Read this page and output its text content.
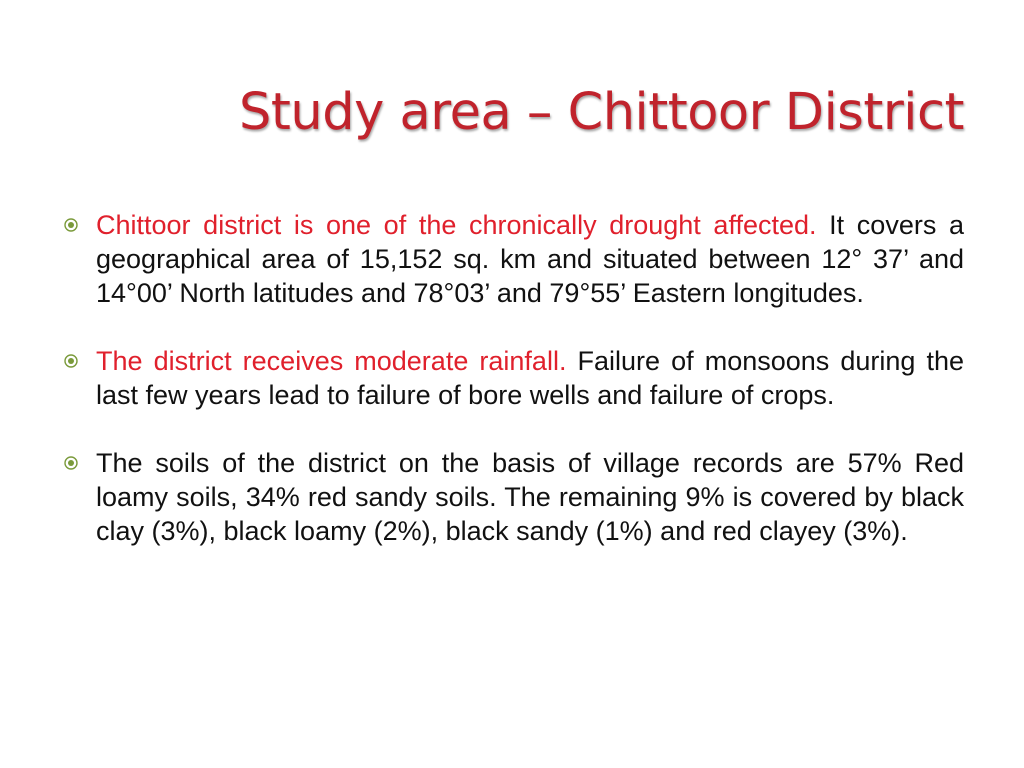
Study area – Chittoor District
Chittoor district is one of the chronically drought affected. It covers a geographical area of 15,152 sq. km and situated between 12° 37’ and 14°00’ North latitudes and 78°03’ and 79°55’ Eastern longitudes.
The district receives moderate rainfall. Failure of monsoons during the last few years lead to failure of bore wells and failure of crops.
The soils of the district on the basis of village records are 57% Red loamy soils, 34% red sandy soils. The remaining 9% is covered by black clay (3%), black loamy (2%), black sandy (1%) and red clayey (3%).
